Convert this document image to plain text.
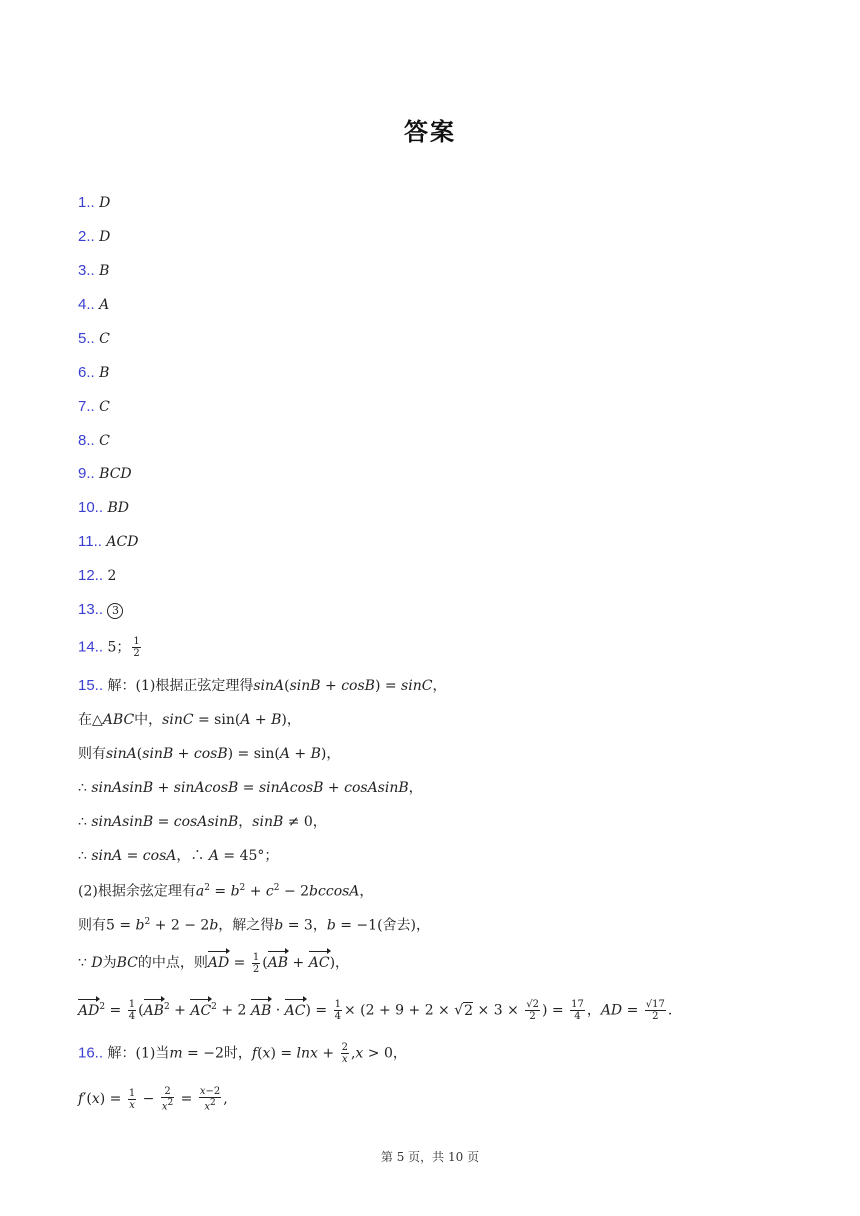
答案
1.. D
2.. D
3.. B
4.. A
5.. C
6.. B
7.. C
8.. C
9.. BCD
10.. BD
11.. ACD
12.. 2
13.. 3
14.. 5； $\frac{1}{2}$
15.. 解：(1)根据正弦定理得sinA(sinB + cosB) = sinC，
在△ABC中，sinC = sin(A + B)，
则有sinA(sinB + cosB) = sin(A + B)，
∴ sinAsinB + sinAcosB = sinAcosB + cosAsinB，
∴ sinAsinB = cosAsinB，sinB ≠ 0，
∴ sinA = cosA，∴ A = 45°；
(2)根据余弦定理有$a^2 = b^2 + c^2 - 2bccosA$，
则有$5 = b^2 + 2 - 2b$，解之得b = 3，b = −1(舍去)，
∵ D为BC的中点，则AD = $\frac{1}{2} (AB + AC)$，
$AD^2 = \frac{1}{4} (AB^2 + AC^2 + 2$ AB · $AC) = \frac{1}{4} \times (2 + 9 + 2 \times √2 \times 3 \times \frac{√2}{2}$ ) = $\frac{17}{4}$ ，AD = $\frac{√17}{2}$ .
16.. 解：(1)当m = −2时，$f(x) = \ln x + \frac{2}{x} ,x > 0$，
$f'(x) = \frac{1}{x} - \frac{2}{x^2} = \frac{x-2}{x^2}$ ,
第 5 页，共 10 页
